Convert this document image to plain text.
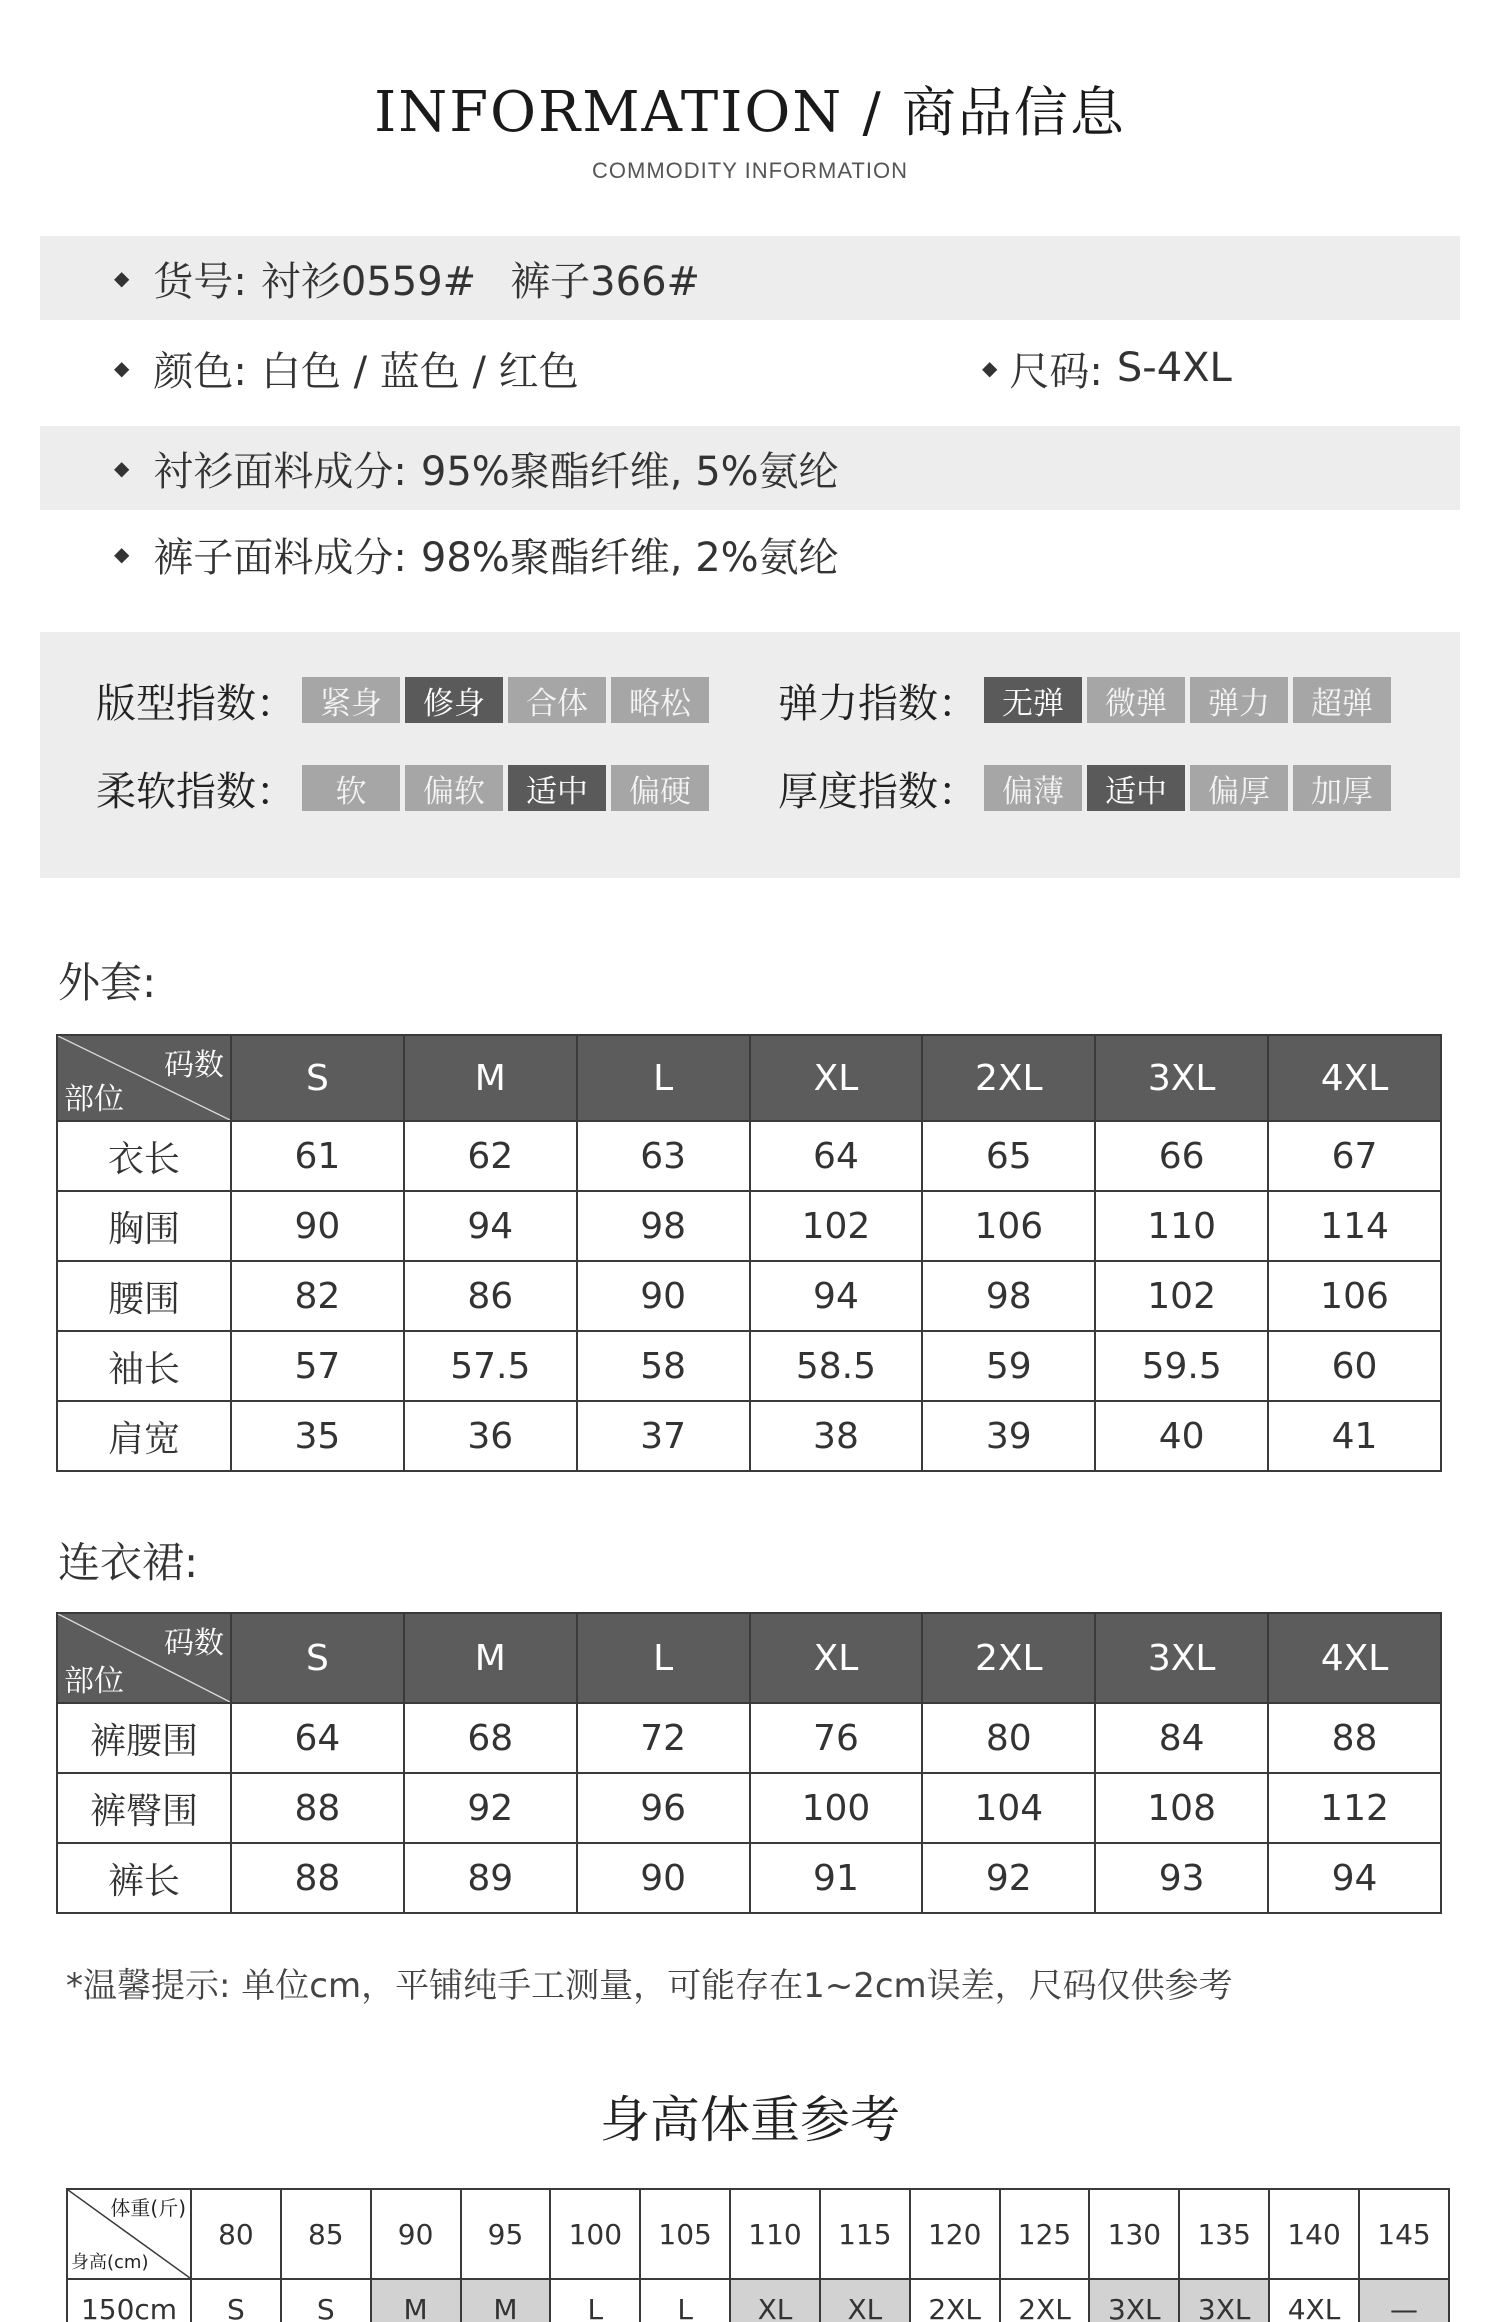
INFORMATION / 商品信息
COMMODITY INFORMATION
◆ 货号: 衬衫0559# 裤子366#
◆ 颜色: 白色 / 蓝色 / 红色	◆ 尺码: S-4XL
◆ 衬衫面料成分: 95%聚酯纤维, 5%氨纶
◆ 裤子面料成分: 98%聚酯纤维, 2%氨纶
版型指数： 紧身	修身	合体	略松	弹力指数： 无弹	微弹	弹力	超弹
柔软指数：	软	偏软	适中	偏硬	厚度指数： 偏薄	适中	偏厚	加厚
外套:
码数
部位	S	M	L	XL	2XL	3XL	4XL
衣长	61	62	63	64	65	66	67
胸围	90	94	98	102	106	110	114
腰围	82	86	90	94	98	102	106
袖长	57	57.5	58	58.5	59	59.5	60
肩宽	35	36	37	38	39	40	41
连衣裙:
码数
部位	S	M	L	XL	2XL	3XL	4XL
裤腰围	64	68	72	76	80	84	88
裤臀围	88	92	96	100	104	108	112
裤长	88	89	90	91	92	93	94
*温馨提示: 单位cm，平铺纯手工测量，可能存在1~2cm误差，尺码仅供参考
身高体重参考
体重(斤)
身高(cm)	80	85	90	95	100	105	110	115	120	125	130	135	140	145
150cm	S	S	M	M	L	L	XL	XL	2XL	2XL	3XL	3XL	4XL	—
